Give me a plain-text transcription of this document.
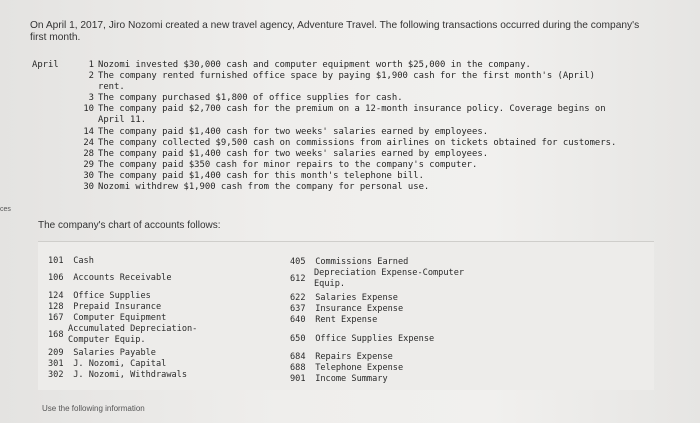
On April 1, 2017, Jiro Nozomi created a new travel agency, Adventure Travel. The following transactions occurred during the company's first month.
April	1 Nozomi invested $30,000 cash and computer equipment worth $25,000 in the company.
2 The company rented furnished office space by paying $1,900 cash for the first month's (April)
rent.
3 The company purchased $1,800 of office supplies for cash.
10 The company paid $2,700 cash for the premium on a 12-month insurance policy. Coverage begins on
April 11.
14 The company paid $1,400 cash for two weeks' salaries earned by employees.
24 The company collected $9,500 cash on commissions from airlines on tickets obtained for customers.
28 The company paid $1,400 cash for two weeks' salaries earned by employees.
29 The company paid $350 cash for minor repairs to the company's computer.
30 The company paid $1,400 cash for this month's telephone bill.
30 Nozomi withdrew $1,900 cash from the company for personal use.
ces
The company's chart of accounts follows:
101 Cash
106 Accounts Receivable
124 Office Supplies
128 Prepaid Insurance
167 Computer Equipment
168
Accumulated Depreciation-Computer Equip.
209 Salaries Payable
301 J. Nozomi, Capital
302 J. Nozomi, Withdrawals
405 Commissions Earned
612
Depreciation Expense-Computer Equip.
622 Salaries Expense
637 Insurance Expense
640 Rent Expense
650 Office Supplies Expense
684 Repairs Expense
688 Telephone Expense
901 Income Summary
Use the following information
